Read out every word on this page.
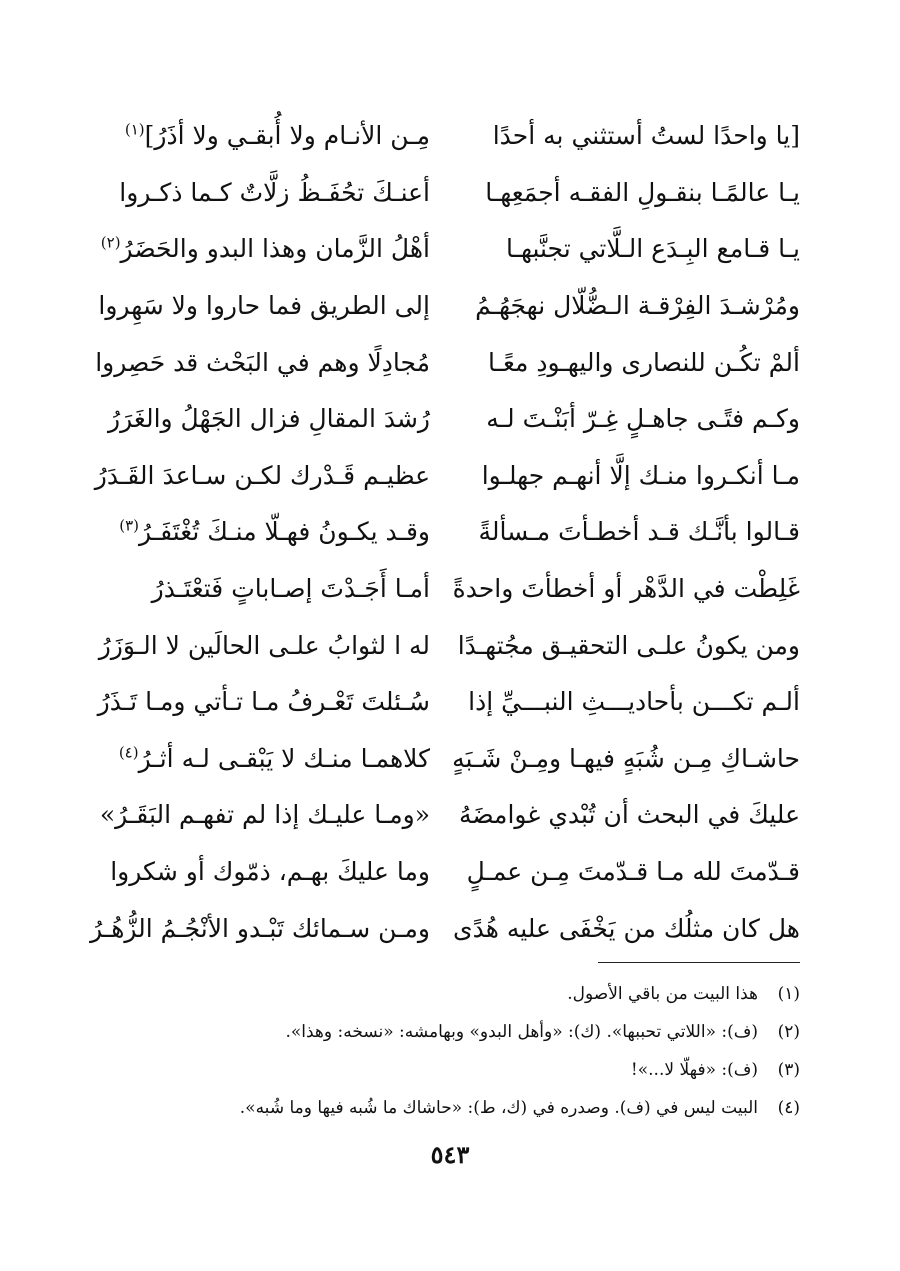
[يا واحدًا لستُ أستثني به أحدًا
مِـن الأنـام ولا أُبقـي ولا أذَرُ]$^{(١)}$
يـا عالمًـا بنقـولِ الفقـه أجمَعِهـا
أعنـكَ تحُفَـظُ زلَّاتٌ كـما ذكـروا
يـا قـامع البِـدَع الـلَّاتي تجنَّبهـا
أهْلُ الزَّمان وهذا البدو والحَضَرُ$^{(٢)}$
ومُرْشـدَ الفِرْقـة الـضُّلّال نهجَهُـمُ
إلى الطريق فما حاروا ولا سَهِروا
ألمْ تكُـن للنصارى واليهـودِ معًـا
مُجادِلًا وهم في البَحْث قد حَصِروا
وكـم فتًـى جاهـلٍ غِـرّ أبَنْـتَ لـه
رُشدَ المقالِ فزال الجَهْلُ والغَرَرُ
مـا أنكـروا منـك إلَّا أنهـم جهلـوا
عظيـم قَـدْرك لكـن سـاعدَ القَـدَرُ
قـالوا بأنَّـك قـد أخطـأتَ مـسألةً
وقـد يكـونُ فهـلّا منـكَ تُغْتَفَـرُ$^{(٣)}$
غَلِطْت في الدَّهْر أو أخطأتَ واحدةً
أمـا أَجَـدْتَ إصـاباتٍ فَتعْتَـذرُ
ومن يكونُ علـى التحقيـق مجُتهـدًا
له ا لثوابُ علـى الحالَين لا الـوَزَرُ
ألـم تكـــن بأحاديـــثِ النبـــيِّ إذا
سُـئلتَ تَعْـرفُ مـا تـأتي ومـا تَـذَرُ
حاشـاكِ مِـن شُبَهٍ فيهـا ومِـنْ شَـبَهٍ
كلاهمـا منـك لا يَبْقـى لـه أثـرُ$^{(٤)}$
عليكَ في البحث أن تُبْدي غوامضَهُ
«ومـا عليـك إذا لم تفهـم البَقَـرُ»
قـدّمتَ لله مـا قـدّمتَ مِـن عمـلٍ
وما عليكَ بهـم، ذمّوك أو شكروا
هل كان مثلُك من يَخْفَى عليه هُدًى
ومـن سـمائك تَبْـدو الأنْجُـمُ الزُّهُـرُ
(١)
هذا البيت من باقي الأصول.
(٢)
(ف): «اللاتي تحببها». (ك): «وأهل البدو» وبهامشه: «نسخه: وهذا».
(٣)
(ف): «فهلّا لا...»!
(٤)
البيت ليس في (ف). وصدره في (ك، ط): «حاشاك ما شُبه فيها وما شُبه».
٥٤٣
